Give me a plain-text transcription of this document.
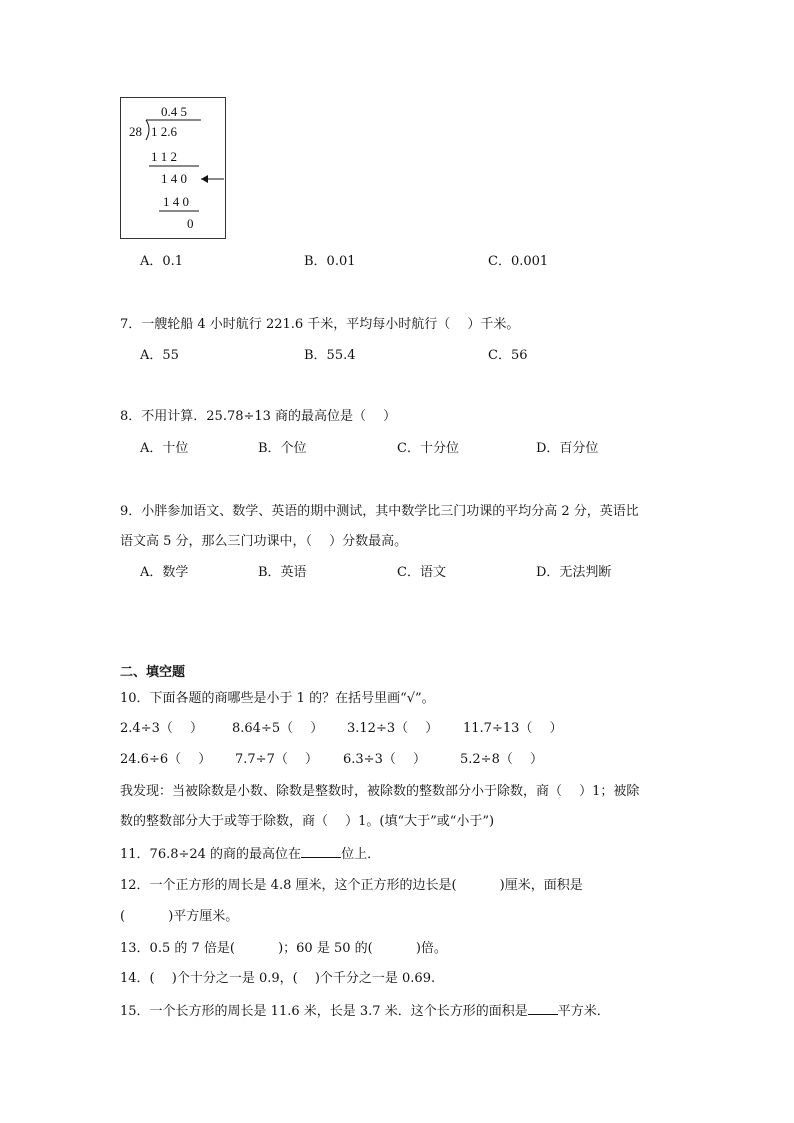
0.4 5
28 1 2.6
1 1 2
1 4 0
1 4 0
0
A．0.1	B．0.01	C．0.001
7．一艘轮船 4 小时航行 221.6 千米，平均每小时航行（　 ）千米。
A．55	B．55.4	C．56
8．不用计算．25.78÷13 商的最高位是（　 ）
A．十位	B．个位	C．十分位	D．百分位
9．小胖参加语文、数学、英语的期中测试，其中数学比三门功课的平均分高 2 分，英语比
语文高 5 分，那么三门功课中，（　 ）分数最高。
A．数学	B．英语	C．语文	D．无法判断
二、填空题
10．下面各题的商哪些是小于 1 的？在括号里画“√”。
2.4÷3（　 ） 8.64÷5（　 ） 3.12÷3（　 ） 11.7÷13（　 ）
24.6÷6（　 ） 7.7÷7（　 ） 6.3÷3（　 ）	5.2÷8（　 ）
我发现：当被除数是小数、除数是整数时，被除数的整数部分小于除数，商（　 ）1；被除
数的整数部分大于或等于除数，商（　 ）1。(填“大于”或“小于”)
11．76.8÷24 的商的最高位在	位上．
12．一个正方形的周长是 4.8 厘米，这个正方形的边长是(　　　 )厘米，面积是
(　　　 )平方厘米。
13．0.5 的 7 倍是(　　　 )；60 是 50 的(　　　 )倍。
14．(　 )个十分之一是 0.9，(　 )个千分之一是 0.69.
15．一个长方形的周长是 11.6 米，长是 3.7 米．这个长方形的面积是 平方米．
